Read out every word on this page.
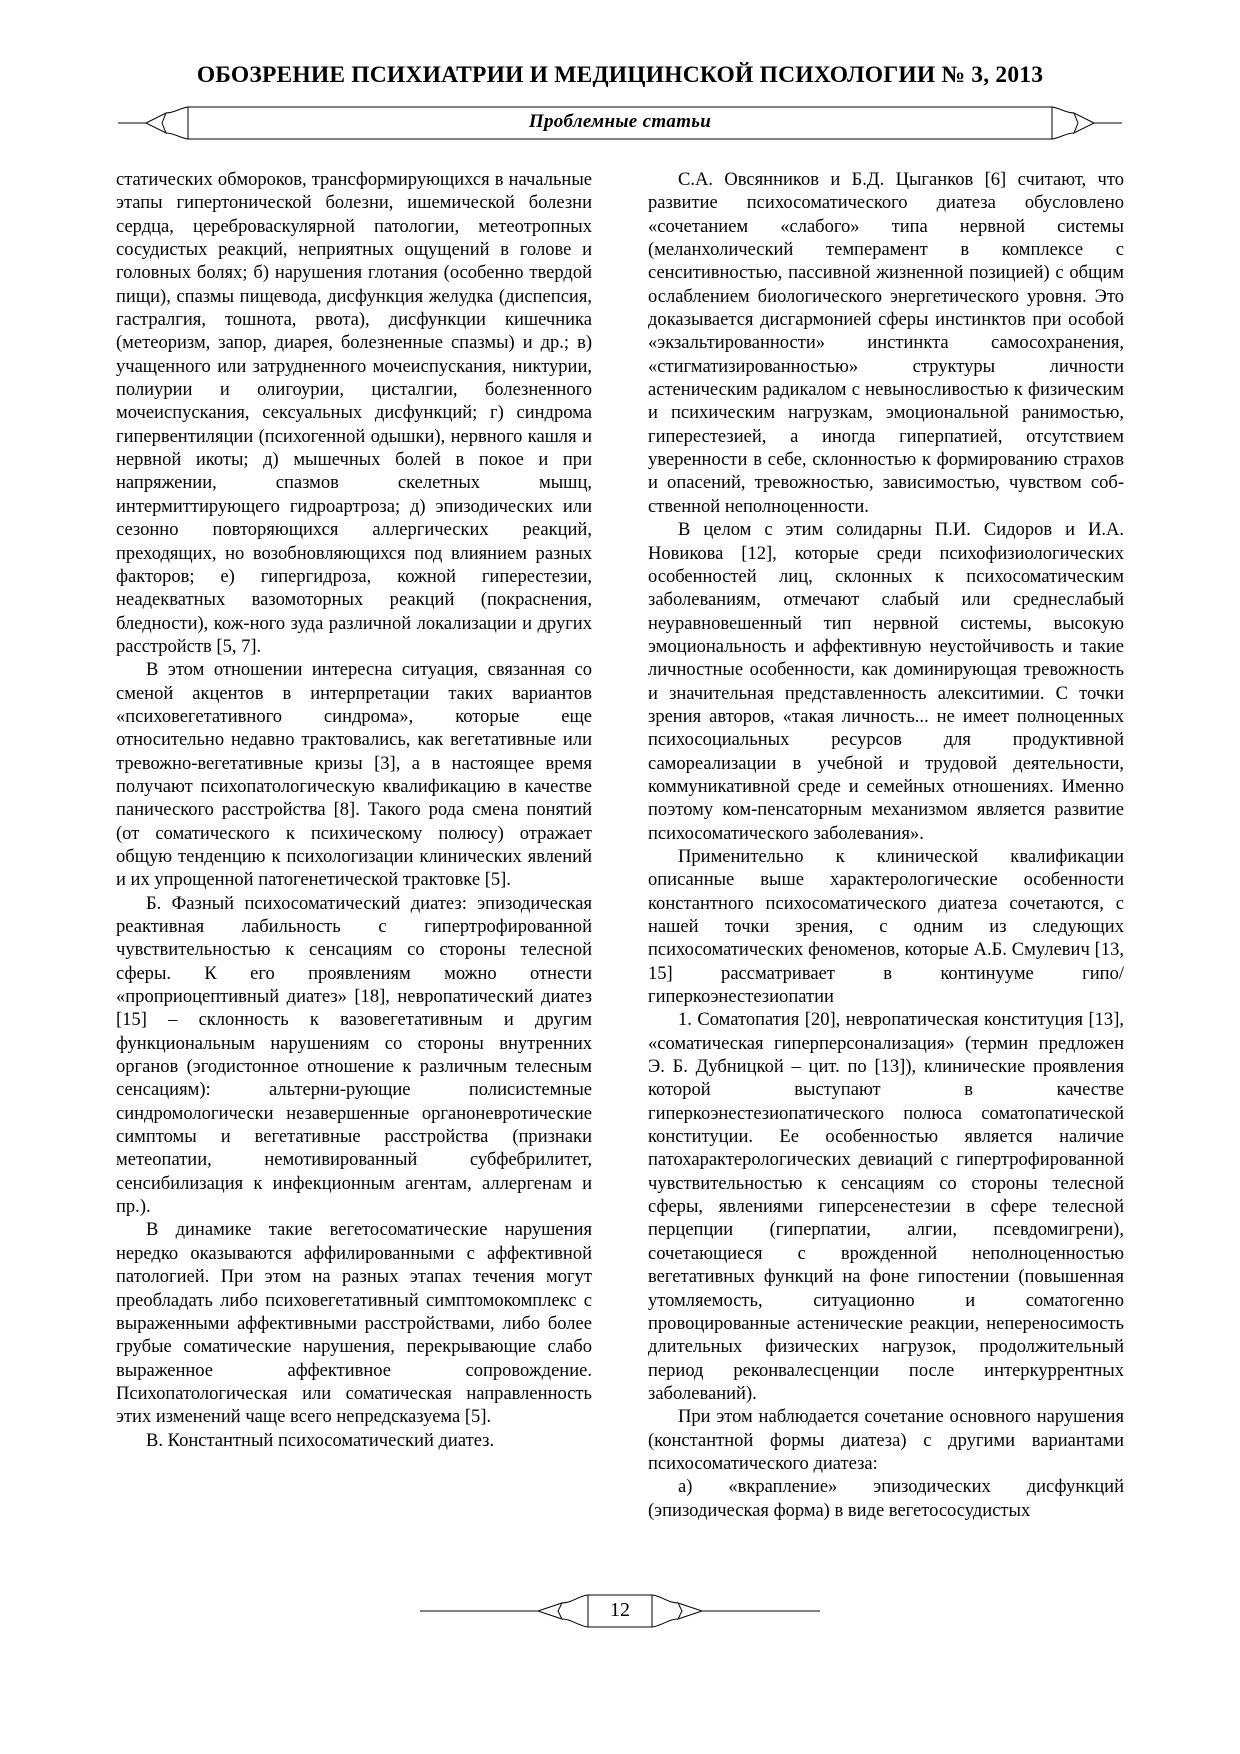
ОБОЗРЕНИЕ ПСИХИАТРИИ И МЕДИЦИНСКОЙ ПСИХОЛОГИИ № 3, 2013
Проблемные статьи

статических обмороков, трансформирующихся в начальные этапы гипертонической болезни, ишемической болезни сердца, цереброваскулярной патологии, метеотропных сосудистых реакций, неприятных ощущений в голове и головных болях; б) нарушения глотания (особенно твердой пищи), спазмы пищевода, дисфункция желудка (диспепсия, гастралгия, тошнота, рвота), дисфункции кишечника (метеоризм, запор, диарея, болезненные спазмы) и др.; в) учащенного или затрудненного мочеиспускания, никтурии, полиурии и олигоурии, цисталгии, болезненного мочеиспускания, сексуальных дисфункций; г) синдрома гипервентиляции (психогенной одышки), нервного кашля и нервной икоты; д) мышечных болей в покое и при напряжении, спазмов скелетных мышц, интермиттирующего гидроартроза; д) эпизодических или сезонно повторяющихся аллергических реакций, преходящих, но возобновляющихся под влиянием разных факторов; е) гипергидроза, кожной гиперестезии, неадекватных вазомоторных реакций (покраснения, бледности), кож-ного зуда различной локализации и других расстройств [5, 7].

В этом отношении интересна ситуация, связанная со сменой акцентов в интерпретации таких вариантов «психовегетативного синдрома», которые еще относительно недавно трактовались, как вегетативные или тревожно-вегетативные кризы [3], а в настоящее время получают психопатологическую квалификацию в качестве панического расстройства [8]. Такого рода смена понятий (от соматического к психическому полюсу) отражает общую тенденцию к психологизации клинических явлений и их упрощенной патогенетической трактовке [5].

Б. Фазный психосоматический диатез: эпизодическая реактивная лабильность с гипертрофированной чувствительностью к сенсациям со стороны телесной сферы. К его проявлениям можно отнести «проприоцептивный диатез» [18], невропатический диатез [15] – склонность к вазовегетативным и другим функциональным нарушениям со стороны внутренних органов (эгодистонное отношение к различным телесным сенсациям): альтерни-рующие полисистемные синдромологически незавершенные органоневротические симптомы и вегетативные расстройства (признаки метеопатии, немотивированный субфебрилитет, сенсибилизация к инфекционным агентам, аллергенам и пр.).

В динамике такие вегетосоматические нарушения нередко оказываются аффилированными с аффективной патологией. При этом на разных этапах течения могут преобладать либо психовегетативный симптомокомплекс с выраженными аффективными расстройствами, либо более грубые соматические нарушения, перекрывающие слабо выраженное аффективное сопровождение. Психопатологическая или соматическая направленность этих изменений чаще всего непредсказуема [5].

В. Константный психосоматический диатез.

С.А. Овсянников и Б.Д. Цыганков [6] считают, что развитие психосоматического диатеза обусловлено «сочетанием «слабого» типа нервной системы (меланхолический темперамент в комплексе с сенситивностью, пассивной жизненной позицией) с общим ослаблением биологического энергетического уровня. Это доказывается дисгармонией сферы инстинктов при особой «экзальтированности» инстинкта самосохранения, «стигматизированностью» структуры личности астеническим радикалом с невыносливостью к физическим и психическим нагрузкам, эмоциональной ранимостью, гиперестезией, а иногда гиперпатией, отсутствием уверенности в себе, склонностью к формированию страхов и опасений, тревожностью, зависимостью, чувством соб-ственной неполноценности.

В целом с этим солидарны П.И. Сидоров и И.А. Новикова [12], которые среди психофизиологических особенностей лиц, склонных к психосоматическим заболеваниям, отмечают слабый или среднеслабый неуравновешенный тип нервной системы, высокую эмоциональность и аффективную неустойчивость и такие личностные особенности, как доминирующая тревожность и значительная представленность алекситимии. С точки зрения авторов, «такая личность... не имеет полноценных психосоциальных ресурсов для продуктивной самореализации в учебной и трудовой деятельности, коммуникативной среде и семейных отношениях. Именно поэтому ком-пенсаторным механизмом является развитие психосоматического заболевания».

Применительно к клинической квалификации описанные выше характерологические особенности константного психосоматического диатеза сочетаются, с нашей точки зрения, с одним из следующих психосоматических феноменов, которые А.Б. Смулевич [13, 15] рассматривает в континууме гипо/гиперкоэнестезиопатии

1. Соматопатия [20], невропатическая конституция [13], «соматическая гиперперсонализация» (термин предложен Э. Б. Дубницкой – цит. по [13]), клинические проявления которой выступают в качестве гиперкоэнестезиопатического полюса соматопатической конституции. Ее особенностью является наличие патохарактерологических девиаций с гипертрофированной чувствительностью к сенсациям со стороны телесной сферы, явлениями гиперсенестезии в сфере телесной перцепции (гиперпатии, алгии, псевдомигрени), сочетающиеся с врожденной неполноценностью вегетативных функций на фоне гипостении (повышенная утомляемость, ситуационно и соматогенно провоцированные астенические реакции, непереносимость длительных физических нагрузок, продолжительный период реконвалесценции после интеркуррентных заболеваний).

При этом наблюдается сочетание основного нарушения (константной формы диатеза) с другими вариантами психосоматического диатеза:

а) «вкрапление» эпизодических дисфункций (эпизодическая форма) в виде вегетососудистых

12
